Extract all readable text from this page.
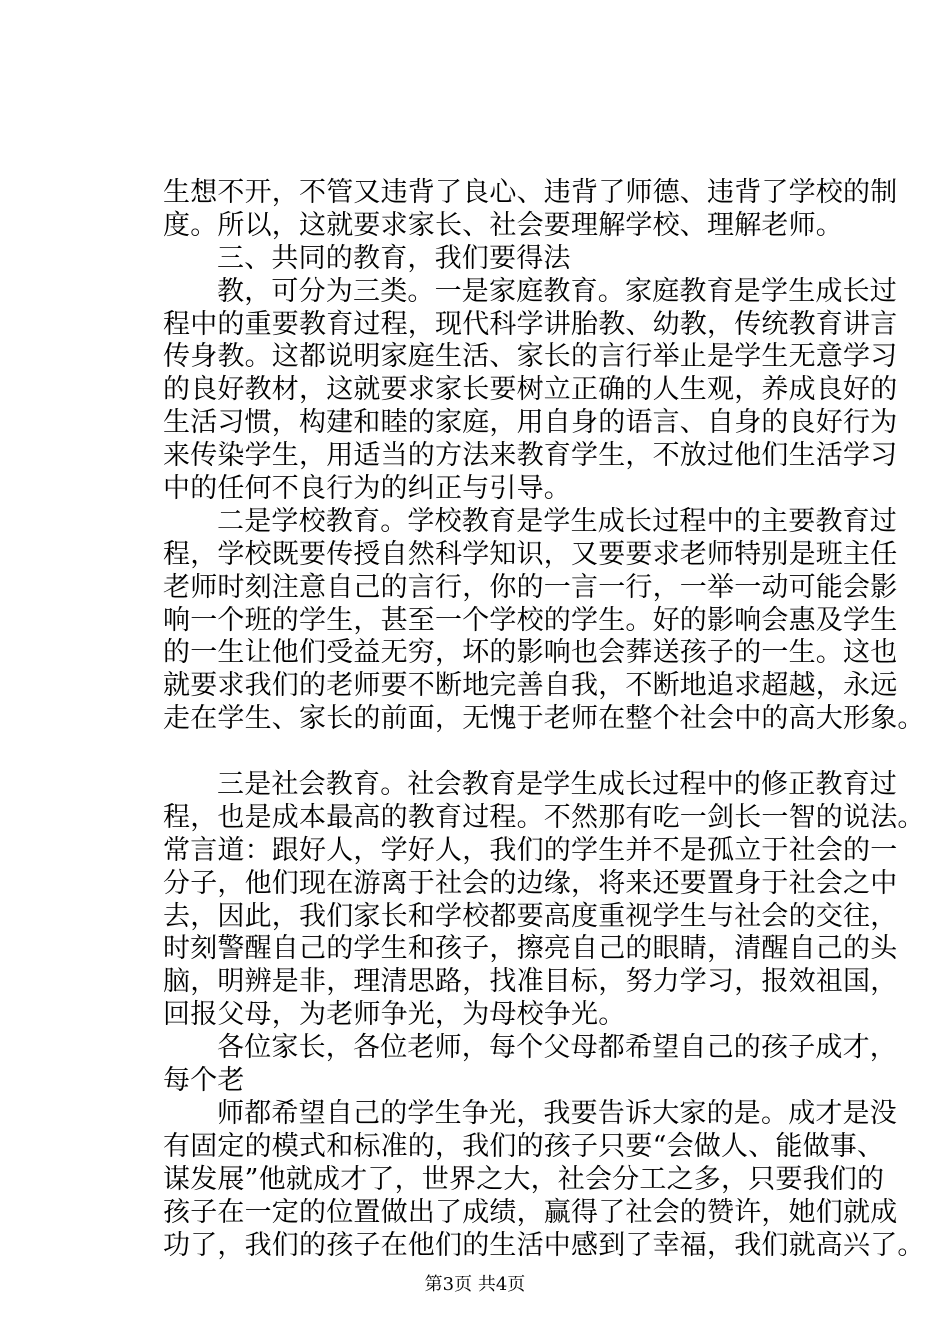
生想不开，不管又违背了良心、违背了师德、违背了学校的制
度。所以，这就要求家长、社会要理解学校、理解老师。
三、共同的教育，我们要得法
教，可分为三类。一是家庭教育。家庭教育是学生成长过
程中的重要教育过程，现代科学讲胎教、幼教，传统教育讲言
传身教。这都说明家庭生活、家长的言行举止是学生无意学习
的良好教材，这就要求家长要树立正确的人生观，养成良好的
生活习惯，构建和睦的家庭，用自身的语言、自身的良好行为
来传染学生，用适当的方法来教育学生，不放过他们生活学习
中的任何不良行为的纠正与引导。
二是学校教育。学校教育是学生成长过程中的主要教育过
程，学校既要传授自然科学知识，又要要求老师特别是班主任
老师时刻注意自己的言行，你的一言一行，一举一动可能会影
响一个班的学生，甚至一个学校的学生。好的影响会惠及学生
的一生让他们受益无穷，坏的影响也会葬送孩子的一生。这也
就要求我们的老师要不断地完善自我，不断地追求超越，永远
走在学生、家长的前面，无愧于老师在整个社会中的高大形象。
三是社会教育。社会教育是学生成长过程中的修正教育过
程，也是成本最高的教育过程。不然那有吃一剑长一智的说法。
常言道：跟好人，学好人，我们的学生并不是孤立于社会的一
分子，他们现在游离于社会的边缘，将来还要置身于社会之中
去，因此，我们家长和学校都要高度重视学生与社会的交往，
时刻警醒自己的学生和孩子，擦亮自己的眼睛，清醒自己的头
脑，明辨是非，理清思路，找准目标，努力学习，报效祖国，
回报父母，为老师争光，为母校争光。
各位家长，各位老师，每个父母都希望自己的孩子成才，
每个老
师都希望自己的学生争光，我要告诉大家的是。成才是没
有固定的模式和标准的，我们的孩子只要“会做人、能做事、
谋发展”他就成才了，世界之大，社会分工之多，只要我们的
孩子在一定的位置做出了成绩，赢得了社会的赞许，她们就成
功了，我们的孩子在他们的生活中感到了幸福，我们就高兴了。
第3页 共4页
